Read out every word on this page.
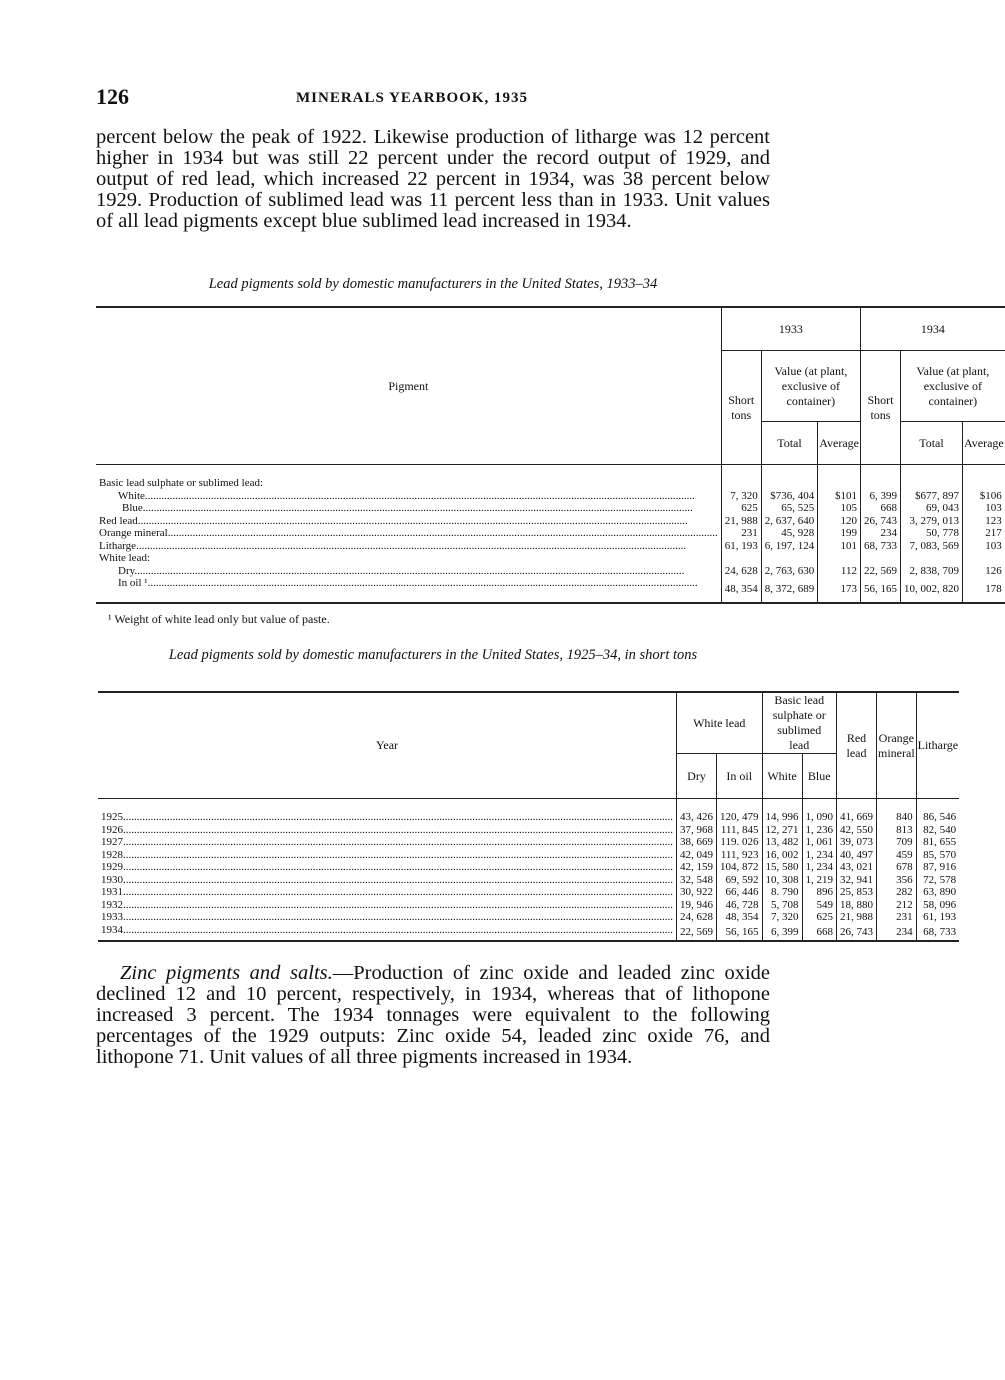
126	MINERALS YEARBOOK, 1935

percent below the peak of 1922. Likewise production of litharge was 12 percent higher in 1934 but was still 22 percent under the record output of 1929, and output of red lead, which increased 22 percent in 1934, was 38 percent below 1929. Production of sublimed lead was 11 percent less than in 1933. Unit values of all lead pigments except blue sublimed lead increased in 1934.

Lead pigments sold by domestic manufacturers in the United States, 1933–34
Pigment	1933			1934		
	Short tons	Value (at plant, exclusive of container)		Short tons	Value (at plant, exclusive of container)	
		Total	Average		Total	Average
Basic lead sulphate or sublimed lead:						

White........................................................................................................................................................................................................	7, 320	$736, 404	$101	6, 399	$677, 897	$106

Blue........................................................................................................................................................................................................	625	65, 525	105	668	69, 043	103

Red lead........................................................................................................................................................................................................	21, 988	2, 637, 640	120	26, 743	3, 279, 013	123

Orange mineral........................................................................................................................................................................................................	231	45, 928	199	234	50, 778	217

Litharge........................................................................................................................................................................................................	61, 193	6, 197, 124	101	68, 733	7, 083, 569	103
White lead:						

Dry........................................................................................................................................................................................................	24, 628	2, 763, 630	112	22, 569	2, 838, 709	126

In oil ¹........................................................................................................................................................................................................	48, 354	8, 372, 689	173	56, 165	10, 002, 820	178
¹ Weight of white lead only but value of paste.
Lead pigments sold by domestic manufacturers in the United States, 1925–34, in short tons
Year	White lead		Basic lead sulphate or sublimed lead		Red lead	Orange mineral	Litharge
	Dry	In oil	White	Blue			

1925........................................................................................................................................................................................................	43, 426	120, 479	14, 996	1, 090	41, 669	840	86, 546

1926........................................................................................................................................................................................................	37, 968	111, 845	12, 271	1, 236	42, 550	813	82, 540

1927........................................................................................................................................................................................................	38, 669	119. 026	13, 482	1, 061	39, 073	709	81, 655

1928........................................................................................................................................................................................................	42, 049	111, 923	16, 002	1, 234	40, 497	459	85, 570

1929........................................................................................................................................................................................................	42, 159	104, 872	15, 580	1, 234	43, 021	678	87, 916

1930........................................................................................................................................................................................................	32, 548	69, 592	10, 308	1, 219	32, 941	356	72, 578

1931........................................................................................................................................................................................................	30, 922	66, 446	8. 790	896	25, 853	282	63, 890

1932........................................................................................................................................................................................................	19, 946	46, 728	5, 708	549	18, 880	212	58, 096

1933........................................................................................................................................................................................................	24, 628	48, 354	7, 320	625	21, 988	231	61, 193

1934........................................................................................................................................................................................................	22, 569	56, 165	6, 399	668	26, 743	234	68, 733

Zinc pigments and salts.—Production of zinc oxide and leaded zinc oxide declined 12 and 10 percent, respectively, in 1934, whereas that of lithopone increased 3 percent. The 1934 tonnages were equivalent to the following percentages of the 1929 outputs: Zinc oxide 54, leaded zinc oxide 76, and lithopone 71. Unit values of all three pigments increased in 1934.
